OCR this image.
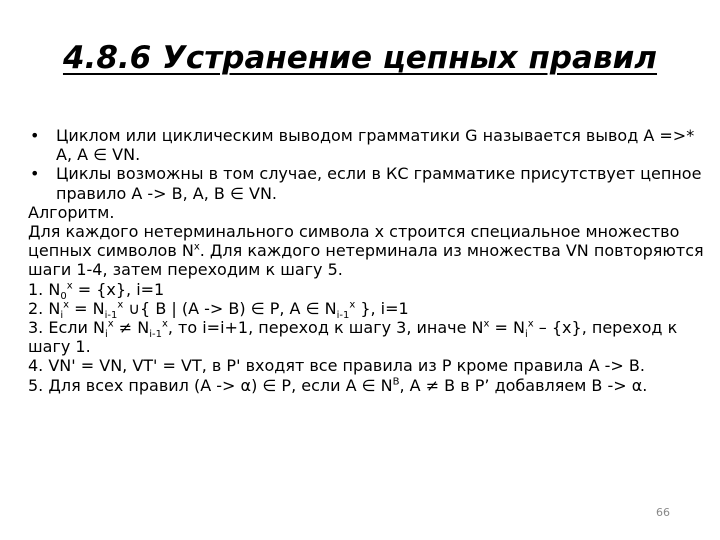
4.8.6 Устранение цепных правил
• Циклом или циклическим выводом грамматики G называется вывод A =>* A, A ∈ VN.
• Циклы возможны в том случае, если в КС грамматике присутствует цепное правило A -> B, A, B ∈ VN.
Алгоритм.
Для каждого нетерминального символа x строится специальное множество цепных символов $N^x$. Для каждого нетерминала из множества VN повторяются шаги 1-4, затем переходим к шагу 5.
1. $N_0^x = \{x\}$, i=1
2. $N_i^x = N_{i-1}^x$ ∪{ B | (A -> B) ∈ P, A ∈ $N_{i-1}^x$ }, i=1
3. Если $N_i^x \ne N_{i-1}^x$, то i=i+1, переход к шагу 3, иначе $N^x = N_i^x - \{x\}$, переход к шагу 1.
4. VN' = VN, VT' = VT, в P' входят все правила из P кроме правила A -> B.
5. Для всех правил (A -> α) ∈ P, если A ∈ $N^B$, A ≠ B в P’ добавляем B -> α.
66
